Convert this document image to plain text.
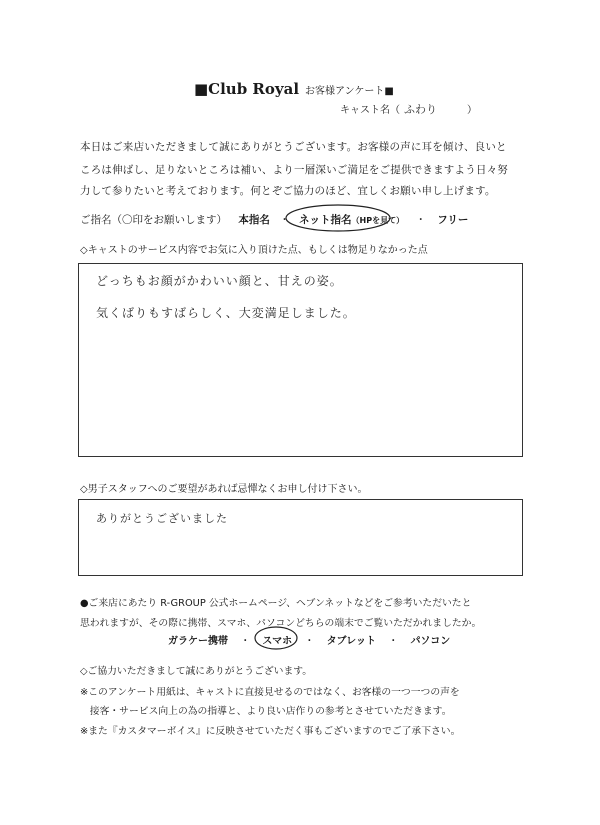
■Club Royal お客様アンケート■
キャスト名（ ふわり	）
本日はご来店いただきまして誠にありがとうございます。お客様の声に耳を傾け、良いと
ころは伸ばし、足りないところは補い、より一層深いご満足をご提供できますよう日々努
力して参りたいと考えております。何とぞご協力のほど、宜しくお願い申し上げます。
ご指名（〇印をお願いします） 本指名 ・ ネット指名（HPを見て） ・ フリー
◇キャストのサービス内容でお気に入り頂けた点、もしくは物足りなかった点
どっちもお顔がかわいい顔と、甘えの姿。
気くばりもすばらしく、大変満足しました。
◇男子スタッフへのご要望があれば忌憚なくお申し付け下さい。
ありがとうございました
●ご来店にあたり R-GROUP 公式ホームページ、ヘブンネットなどをご参考いただいたと
思われますが、その際に携帯、スマホ、パソコンどちらの端末でご覧いただかれましたか。
ガラケー携帯 ・ スマホ ・ タブレット ・ パソコン
◇ご協力いただきまして誠にありがとうございます。
※このアンケート用紙は、キャストに直接見せるのではなく、お客様の一つ一つの声を
　接客・サービス向上の為の指導と、より良い店作りの参考とさせていただきます。
※また『カスタマーボイス』に反映させていただく事もございますのでご了承下さい。
